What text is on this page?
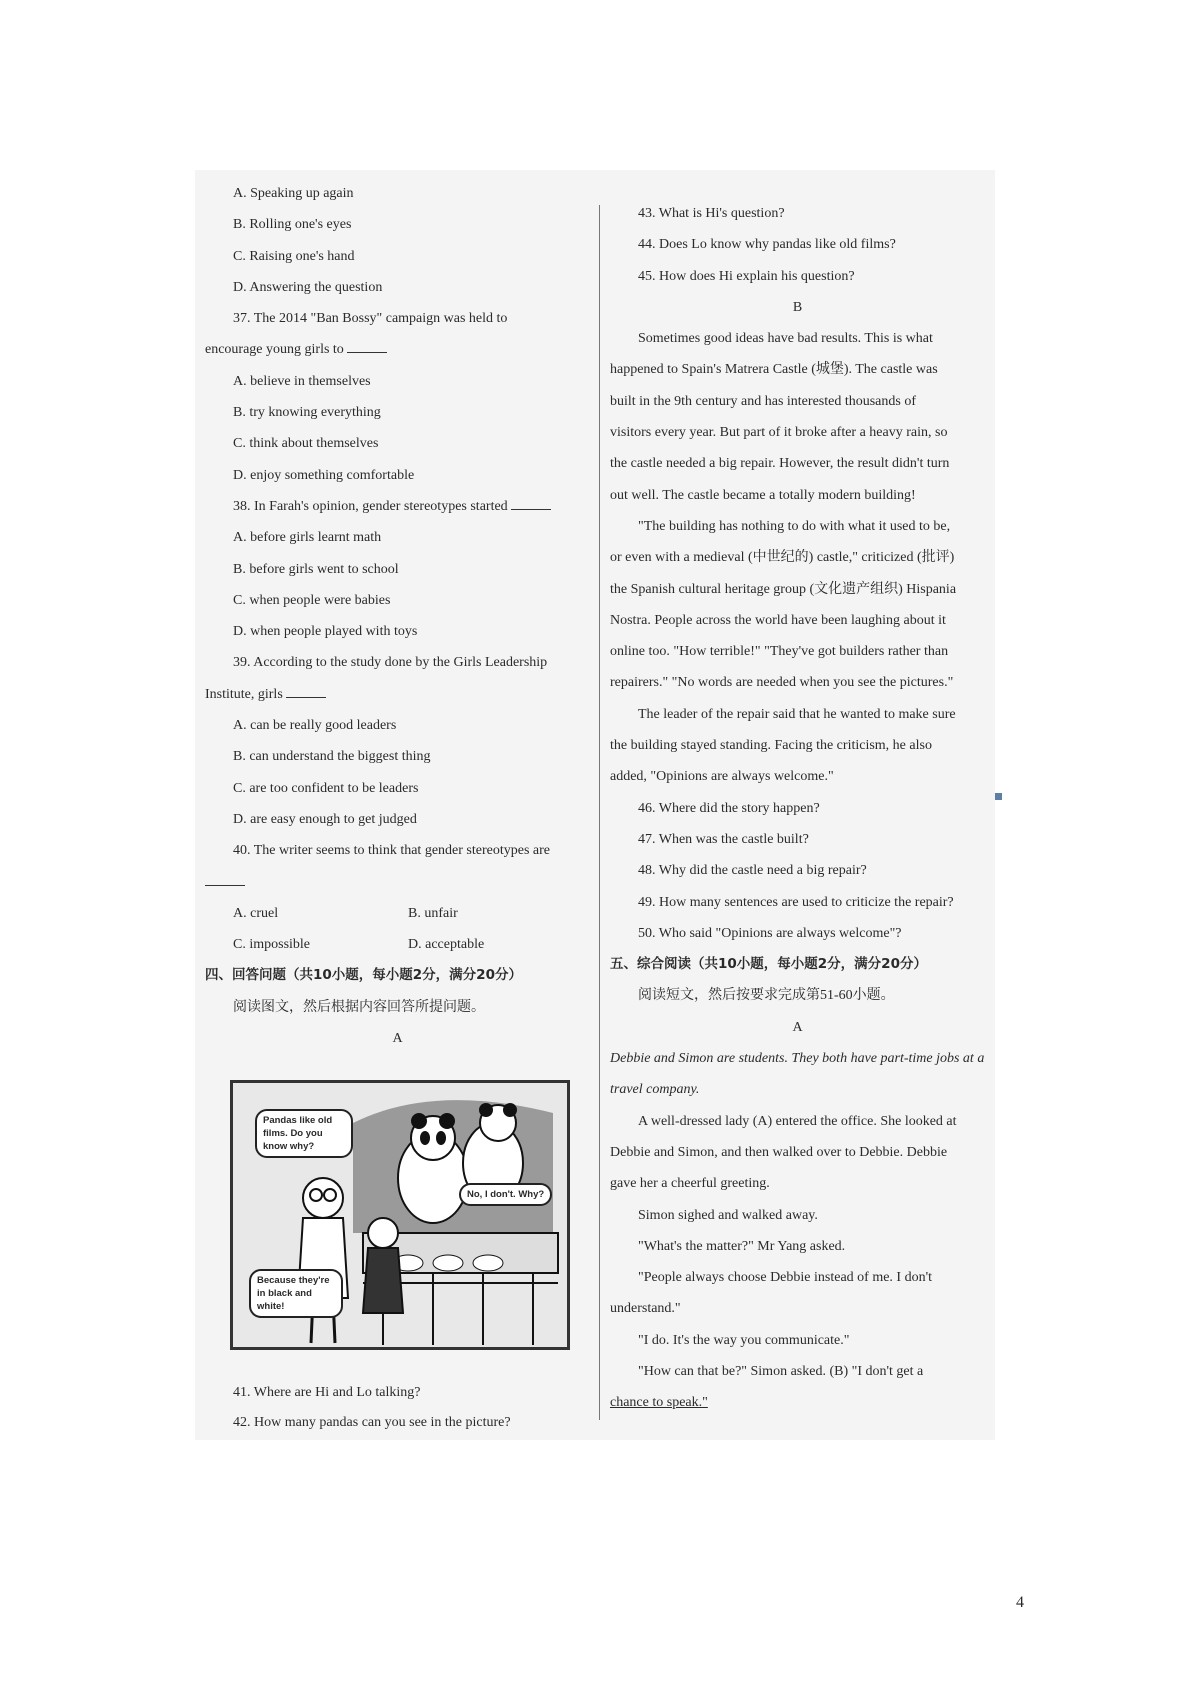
A. Speaking up again

B. Rolling one's eyes

C. Raising one's hand

D. Answering the question

37. The 2014 "Ban Bossy" campaign was held to

encourage young girls to

A. believe in themselves

B. try knowing everything

C. think about themselves

D. enjoy something comfortable

38. In Farah's opinion, gender stereotypes started

A. before girls learnt math

B. before girls went to school

C. when people were babies

D. when people played with toys

39. According to the study done by the Girls Leadership

Institute, girls

A. can be really good leaders

B. can understand the biggest thing

C. are too confident to be leaders

D. are easy enough to get judged

40. The writer seems to think that gender stereotypes are

A. cruel	B. unfair

C. impossible	D. acceptable

四、回答问题（共10小题，每小题2分，满分20分）

阅读图文，然后根据内容回答所提问题。

A

Pandas like old films. Do you know why?
No, I don't. Why?
Because they're in black and white!

41. Where are Hi and Lo talking?

42. How many pandas can you see in the picture?

43. What is Hi's question?

44. Does Lo know why pandas like old films?

45. How does Hi explain his question?

B

Sometimes good ideas have bad results. This is what

happened to Spain's Matrera Castle (城堡). The castle was

built in the 9th century and has interested thousands of

visitors every year. But part of it broke after a heavy rain, so

the castle needed a big repair. However, the result didn't turn

out well. The castle became a totally modern building!

"The building has nothing to do with what it used to be,

or even with a medieval (中世纪的) castle," criticized (批评)

the Spanish cultural heritage group (文化遗产组织) Hispania

Nostra. People across the world have been laughing about it

online too. "How terrible!" "They've got builders rather than

repairers." "No words are needed when you see the pictures."

The leader of the repair said that he wanted to make sure

the building stayed standing. Facing the criticism, he also

added, "Opinions are always welcome."

46. Where did the story happen?

47. When was the castle built?

48. Why did the castle need a big repair?

49. How many sentences are used to criticize the repair?

50. Who said "Opinions are always welcome"?

五、综合阅读（共10小题，每小题2分，满分20分）

阅读短文，然后按要求完成第51-60小题。

A

Debbie and Simon are students. They both have part-time jobs at a

travel company.

A well-dressed lady (A) entered the office. She looked at

Debbie and Simon, and then walked over to Debbie. Debbie

gave her a cheerful greeting.

Simon sighed and walked away.

"What's the matter?" Mr Yang asked.

"People always choose Debbie instead of me. I don't

understand."

"I do. It's the way you communicate."

"How can that be?" Simon asked. (B) "I don't get a

chance to speak."

4
